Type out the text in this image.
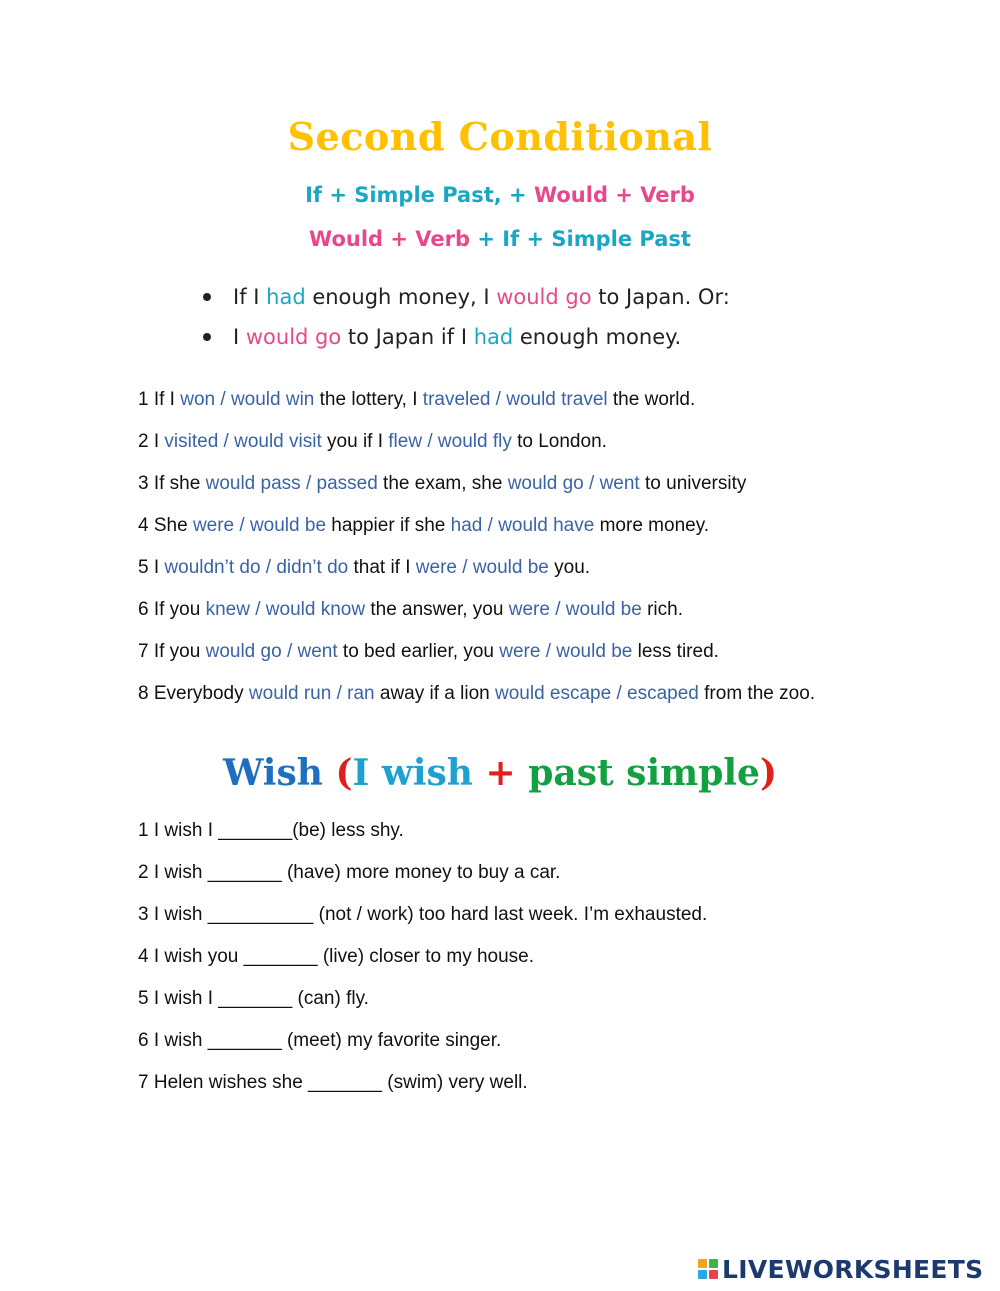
Second Conditional
If + Simple Past, + Would + Verb
Would + Verb + If + Simple Past
If I had enough money, I would go to Japan. Or:
I would go to Japan if I had enough money.
1 If I won / would win the lottery, I traveled / would travel the world.
2 I visited / would visit you if I flew / would fly to London.
3 If she would pass / passed the exam, she would go / went to university
4 She were / would be happier if she had / would have more money.
5 I wouldn’t do / didn’t do that if I were / would be you.
6 If you knew / would know the answer, you were / would be rich.
7 If you would go / went to bed earlier, you were / would be less tired.
8 Everybody would run / ran away if a lion would escape / escaped from the zoo.
Wish (I wish + past simple)
1 I wish I _______(be) less shy.
2 I wish _______ (have) more money to buy a car.
3 I wish __________ (not / work) too hard last week. I’m exhausted.
4 I wish you _______ (live) closer to my house.
5 I wish I _______ (can) fly.
6 I wish _______ (meet) my favorite singer.
7 Helen wishes she _______ (swim) very well.
LIVEWORKSHEETS
